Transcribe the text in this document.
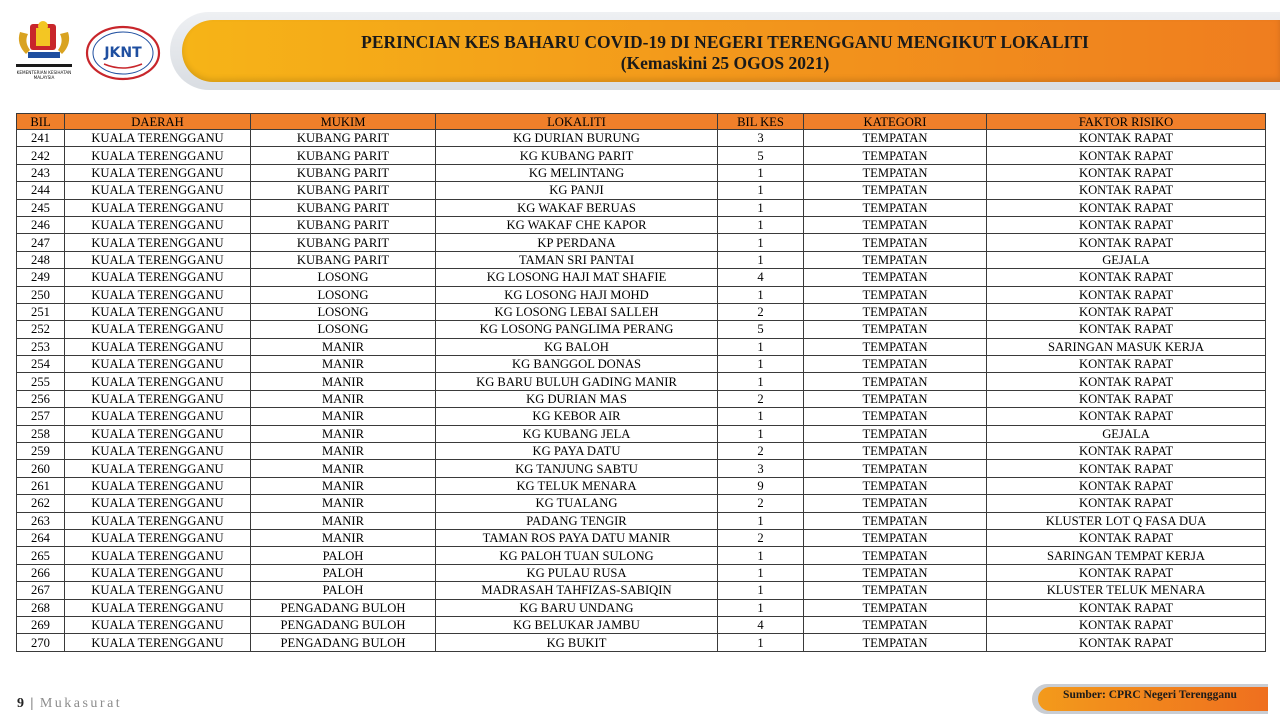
KEMENTERIAN KESIHATAN
MALAYSIA
JKNT
PERINCIAN KES BAHARU COVID-19 DI NEGERI TERENGGANU MENGIKUT LOKALITI
(Kemaskini 25 OGOS 2021)
BIL	DAERAH	MUKIM	LOKALITI	BIL KES	KATEGORI	FAKTOR RISIKO
241	KUALA TERENGGANU	KUBANG PARIT	KG DURIAN BURUNG	3	TEMPATAN	KONTAK RAPAT
242	KUALA TERENGGANU	KUBANG PARIT	KG KUBANG PARIT	5	TEMPATAN	KONTAK RAPAT
243	KUALA TERENGGANU	KUBANG PARIT	KG MELINTANG	1	TEMPATAN	KONTAK RAPAT
244	KUALA TERENGGANU	KUBANG PARIT	KG PANJI	1	TEMPATAN	KONTAK RAPAT
245	KUALA TERENGGANU	KUBANG PARIT	KG WAKAF BERUAS	1	TEMPATAN	KONTAK RAPAT
246	KUALA TERENGGANU	KUBANG PARIT	KG WAKAF CHE KAPOR	1	TEMPATAN	KONTAK RAPAT
247	KUALA TERENGGANU	KUBANG PARIT	KP PERDANA	1	TEMPATAN	KONTAK RAPAT
248	KUALA TERENGGANU	KUBANG PARIT	TAMAN SRI PANTAI	1	TEMPATAN	GEJALA
249	KUALA TERENGGANU	LOSONG	KG LOSONG HAJI MAT SHAFIE	4	TEMPATAN	KONTAK RAPAT
250	KUALA TERENGGANU	LOSONG	KG LOSONG HAJI MOHD	1	TEMPATAN	KONTAK RAPAT
251	KUALA TERENGGANU	LOSONG	KG LOSONG LEBAI SALLEH	2	TEMPATAN	KONTAK RAPAT
252	KUALA TERENGGANU	LOSONG	KG LOSONG PANGLIMA PERANG	5	TEMPATAN	KONTAK RAPAT
253	KUALA TERENGGANU	MANIR	KG BALOH	1	TEMPATAN	SARINGAN MASUK KERJA
254	KUALA TERENGGANU	MANIR	KG BANGGOL DONAS	1	TEMPATAN	KONTAK RAPAT
255	KUALA TERENGGANU	MANIR	KG BARU BULUH GADING MANIR	1	TEMPATAN	KONTAK RAPAT
256	KUALA TERENGGANU	MANIR	KG DURIAN MAS	2	TEMPATAN	KONTAK RAPAT
257	KUALA TERENGGANU	MANIR	KG KEBOR AIR	1	TEMPATAN	KONTAK RAPAT
258	KUALA TERENGGANU	MANIR	KG KUBANG JELA	1	TEMPATAN	GEJALA
259	KUALA TERENGGANU	MANIR	KG PAYA DATU	2	TEMPATAN	KONTAK RAPAT
260	KUALA TERENGGANU	MANIR	KG TANJUNG SABTU	3	TEMPATAN	KONTAK RAPAT
261	KUALA TERENGGANU	MANIR	KG TELUK MENARA	9	TEMPATAN	KONTAK RAPAT
262	KUALA TERENGGANU	MANIR	KG TUALANG	2	TEMPATAN	KONTAK RAPAT
263	KUALA TERENGGANU	MANIR	PADANG TENGIR	1	TEMPATAN	KLUSTER LOT Q FASA DUA
264	KUALA TERENGGANU	MANIR	TAMAN ROS PAYA DATU MANIR	2	TEMPATAN	KONTAK RAPAT
265	KUALA TERENGGANU	PALOH	KG PALOH TUAN SULONG	1	TEMPATAN	SARINGAN TEMPAT KERJA
266	KUALA TERENGGANU	PALOH	KG PULAU RUSA	1	TEMPATAN	KONTAK RAPAT
267	KUALA TERENGGANU	PALOH	MADRASAH TAHFIZAS-SABIQIN	1	TEMPATAN	KLUSTER TELUK MENARA
268	KUALA TERENGGANU	PENGADANG BULOH	KG BARU UNDANG	1	TEMPATAN	KONTAK RAPAT
269	KUALA TERENGGANU	PENGADANG BULOH	KG BELUKAR JAMBU	4	TEMPATAN	KONTAK RAPAT
270	KUALA TERENGGANU	PENGADANG BULOH	KG BUKIT	1	TEMPATAN	KONTAK RAPAT
9 | Mukasurat
Sumber: CPRC Negeri Terengganu
